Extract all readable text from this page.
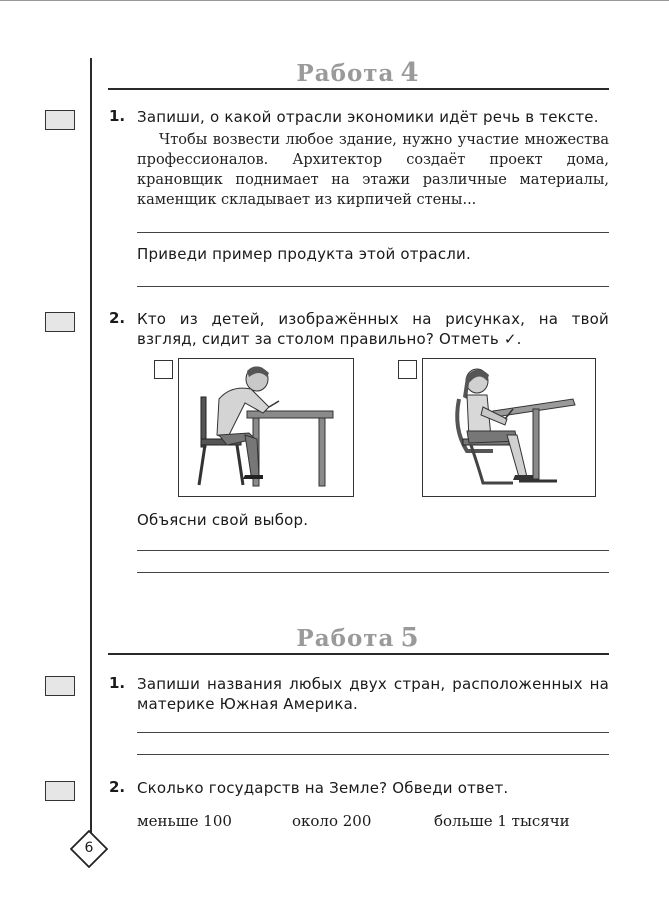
Работа 4
1. Запиши, о какой отрасли экономики идёт речь в тексте.

Чтобы возвести любое здание, нужно участие множества профессионалов. Архитектор создаёт проект дома, крановщик поднимает на этажи различные материалы, каменщик складывает из кирпичей стены...

Приведи пример продукта этой отрасли.
2. Кто из детей, изображённых на рисунках, на твой взгляд, сидит за столом правильно? Отметь ✓.
Объясни свой выбор.
Работа 5
1. Запиши названия любых двух стран, расположенных на материке Южная Америка.
2. Сколько государств на Земле? Обведи ответ.
меньше 100	около 200	больше 1 тысячи
6
